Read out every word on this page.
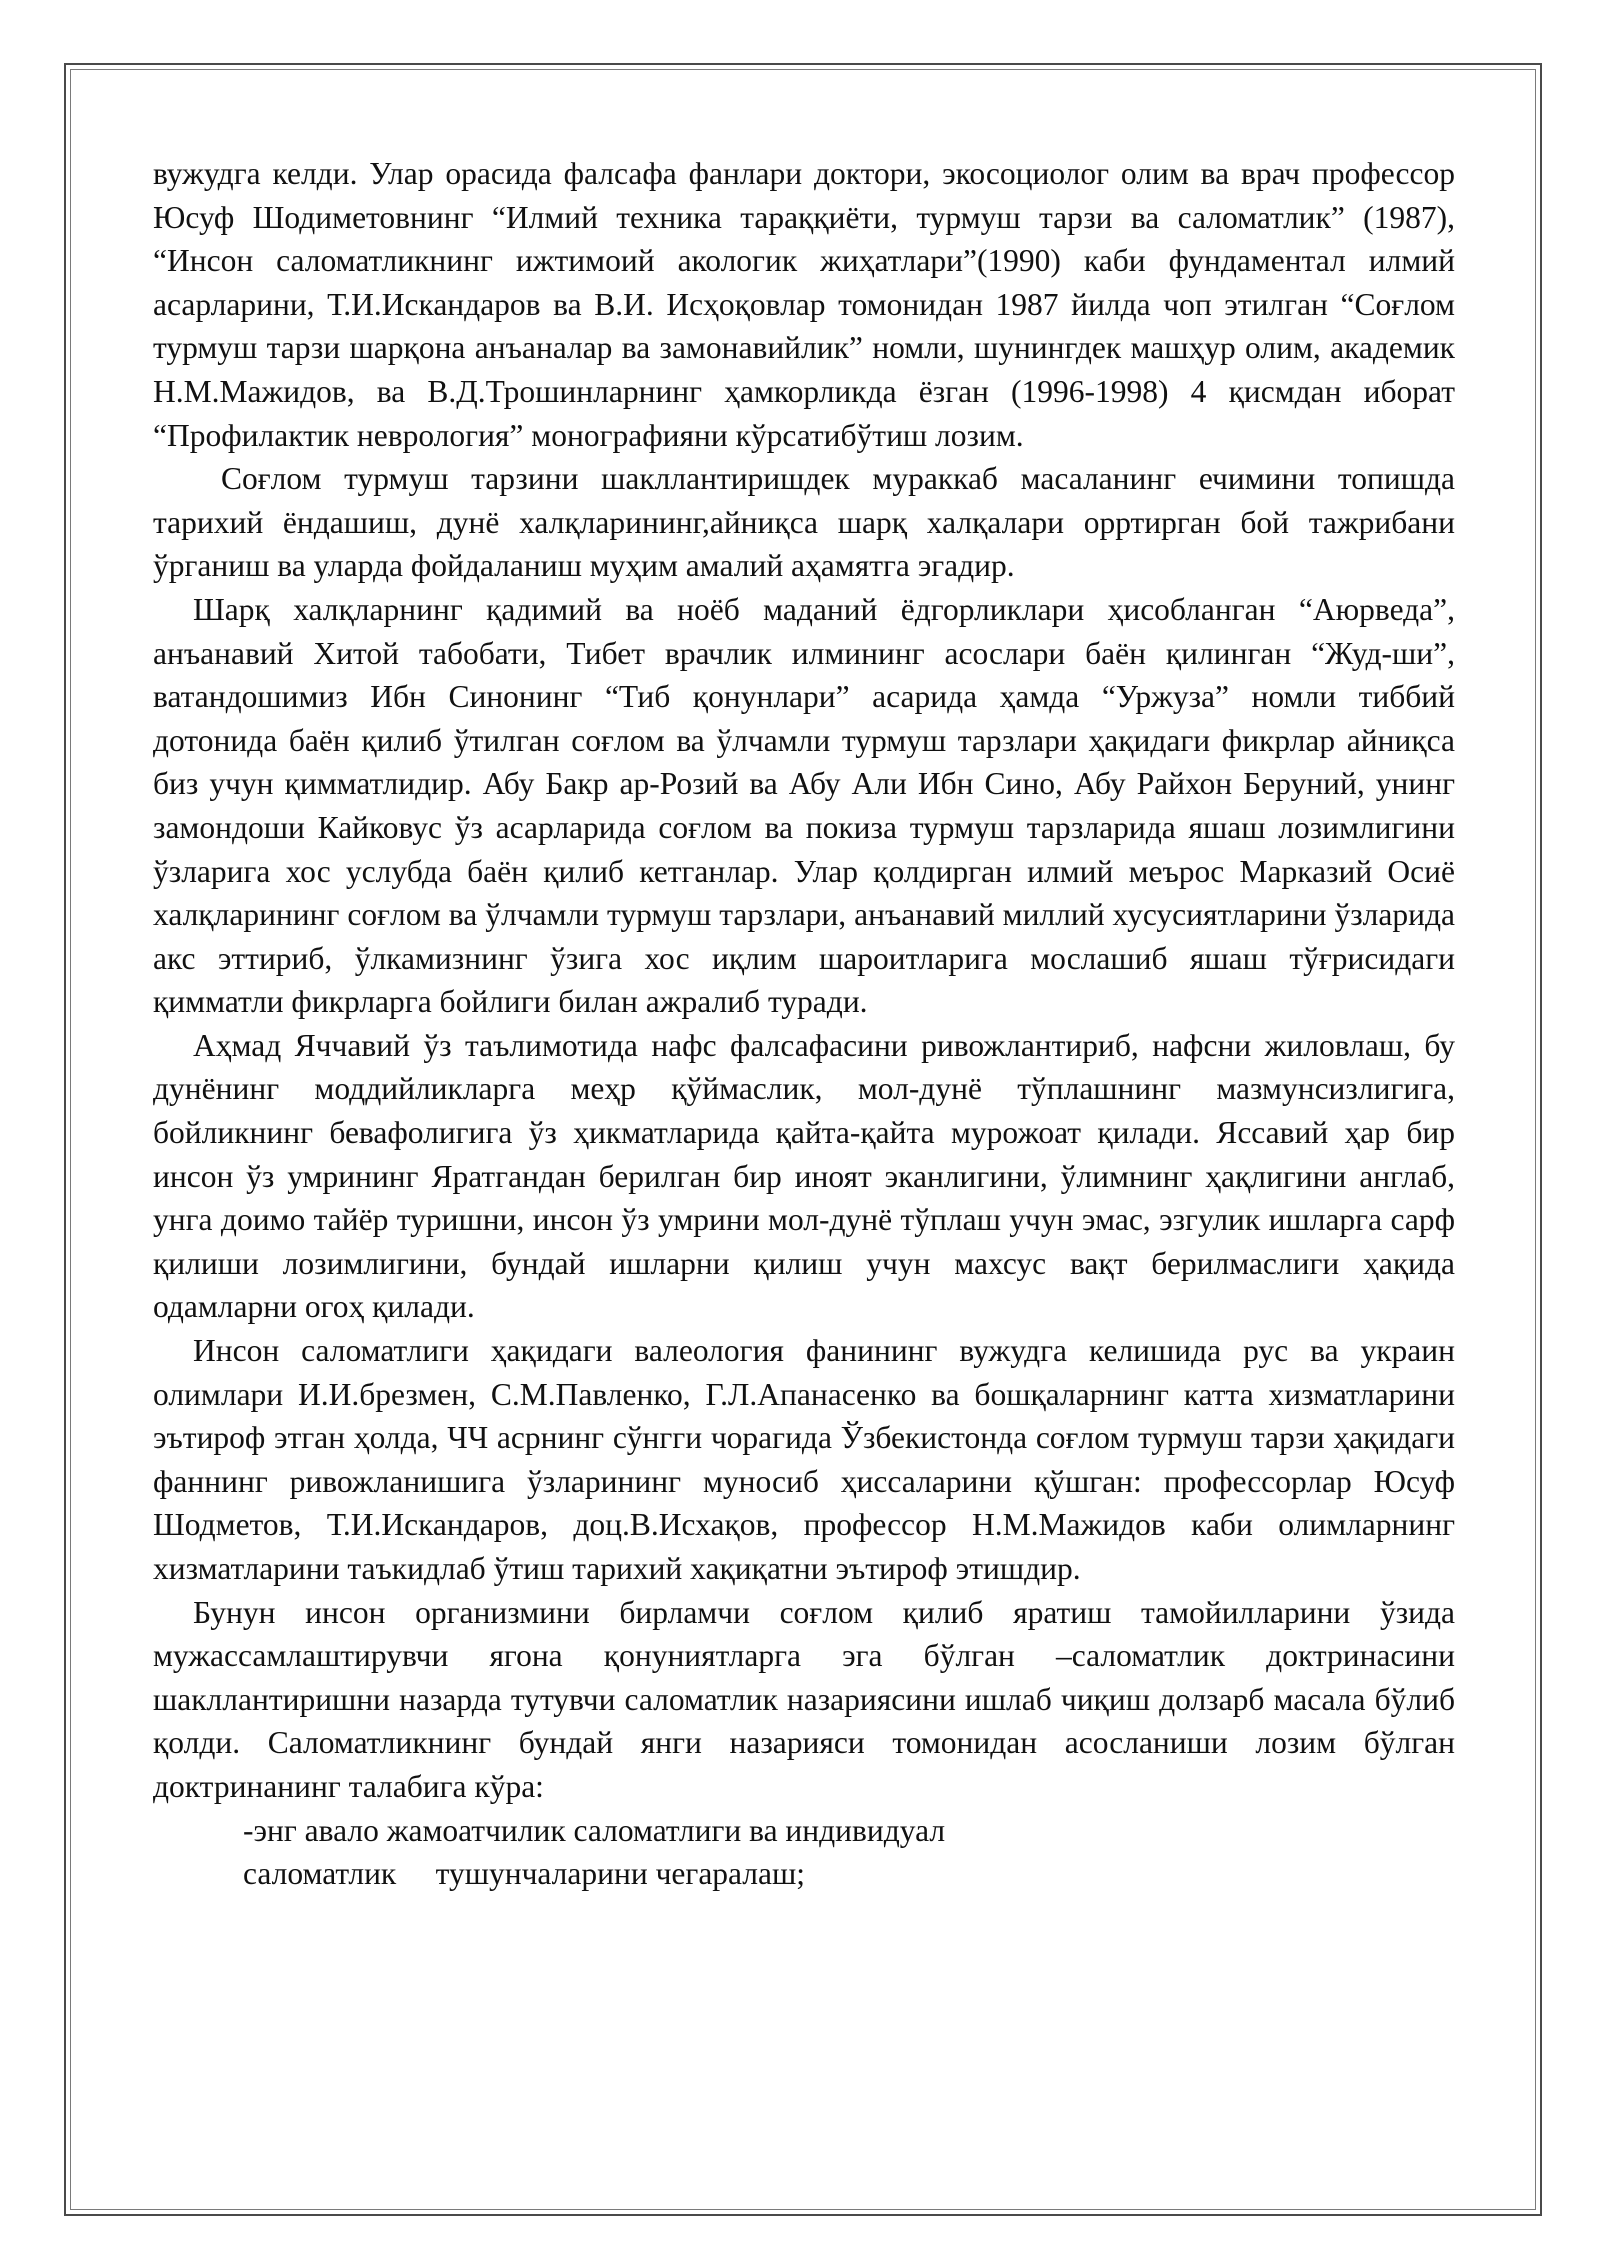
вужудга келди. Улар орасида фалсафа фанлари доктори, экосоциолог олим ва врач профессор Юсуф Шодиметовнинг “Илмий техника тараққиёти, турмуш тарзи ва саломатлик” (1987), “Инсон саломатликнинг ижтимоий акологик жиҳатлари”(1990) каби фундаментал илмий асарларини, Т.И.Искандаров ва В.И. Исҳоқовлар томонидан 1987 йилда чоп этилган “Соғлом турмуш тарзи шарқона анъаналар ва замонавийлик” номли, шунингдек машҳур олим, академик Н.М.Мажидов, ва В.Д.Трошинларнинг ҳамкорликда ёзган (1996-1998) 4 қисмдан иборат “Профилактик неврология” монографияни кўрсатибўтиш лозим.

Соғлом турмуш тарзини шакллантиришдек мураккаб масаланинг ечимини топишда тарихий ёндашиш, дунё халқларининг,айниқса шарқ халқалари орртирган бой тажрибани ўрганиш ва уларда фойдаланиш муҳим амалий аҳамятга эгадир.

Шарқ халқларнинг қадимий ва ноёб маданий ёдгорликлари ҳисобланган “Аюрведа”, анъанавий Хитой табобати, Тибет врачлик илмининг асослари баён қилинган “Жуд-ши”, ватандошимиз Ибн Синонинг “Тиб қонунлари” асарида ҳамда “Уржуза” номли тиббий дотонида баён қилиб ўтилган соғлом ва ўлчамли турмуш тарзлари ҳақидаги фикрлар айниқса биз учун қимматлидир. Абу Бакр ар-Розий ва Абу Али Ибн Сино, Абу Райхон Беруний, унинг замондоши Кайковус ўз асарларида соғлом ва покиза турмуш тарзларида яшаш лозимлигини ўзларига хос услубда баён қилиб кетганлар. Улар қолдирган илмий меъроc Марказий Осиё халқларининг соғлом ва ўлчамли турмуш тарзлари, анъанавий миллий хусусиятларини ўзларида акс эттириб, ўлкамизнинг ўзига хос иқлим шароитларига мослашиб яшаш тўғрисидаги қимматли фикрларга бойлиги билан ажралиб туради.

Аҳмад Яччавий ўз таълимотида нафс фалсафасини ривожлантириб, нафсни жиловлаш, бу дунёнинг моддийликларга меҳр қўймаслик, мол-дунё тўплашнинг мазмунсизлигига, бойликнинг бевафолигига ўз ҳикматларида қайта-қайта мурожоат қилади. Яссавий ҳар бир инсон ўз умрининг Яратгандан берилган бир иноят эканлигини, ўлимнинг ҳақлигини англаб, унга доимо тайёр туришни, инсон ўз умрини мол-дунё тўплаш учун эмас, эзгулик ишларга сарф қилиши лозимлигини, бундай ишларни қилиш учун махсус вақт берилмаслиги ҳақида одамларни огоҳ қилади.

Инсон саломатлиги ҳақидаги валеология фанининг вужудга келишида рус ва украин олимлари И.И.брезмен, С.М.Павленко, Г.Л.Апанасенко ва бошқаларнинг катта хизматларини эътироф этган ҳолда, ЧЧ асрнинг сўнгги чорагида Ўзбекистонда соғлом турмуш тарзи ҳақидаги фаннинг ривожланишига ўзларининг муносиб ҳиссаларини қўшган: профессорлар Юсуф Шодметов, Т.И.Искандаров, доц.В.Исхақов, профессор Н.М.Мажидов каби олимларнинг хизматларини таъкидлаб ўтиш тарихий хақиқатни эътироф этишдир.

Бунун инсон организмини бирламчи соғлом қилиб яратиш тамойилларини ўзида мужассамлаштирувчи ягона қонуниятларга эга бўлган –саломатлик доктринасини шакллантиришни назарда тутувчи саломатлик назариясини ишлаб чиқиш долзарб масала бўлиб қолди. Саломатликнинг бундай янги назарияси томонидан асосланиши лозим бўлган доктринанинг талабига кўра:

-энг авало жамоатчилик саломатлиги ва индивидуал

саломатлик     тушунчаларини чегаралаш;
